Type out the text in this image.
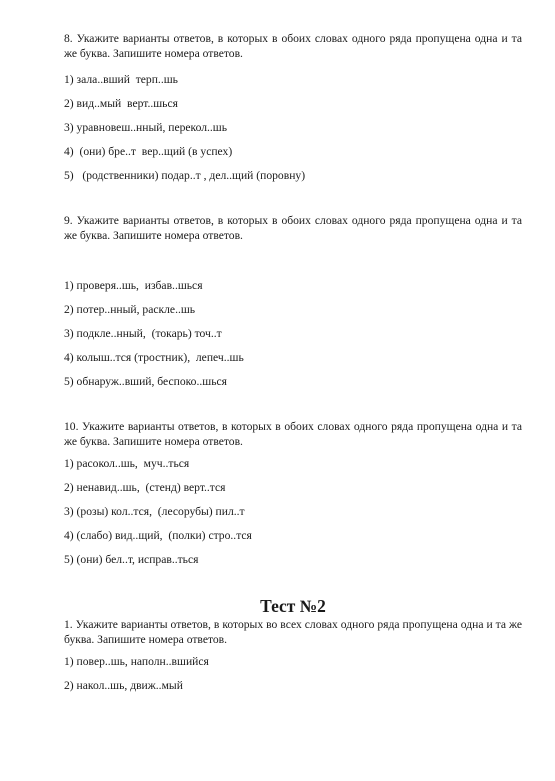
8. Укажите варианты ответов, в которых в обоих словах одного ряда пропущена одна и та же буква. Запишите номера ответов.

1) зала..вший  терп..шь
2) вид..мый  верт..шься
3) уравновеш..нный, перекол..шь
4)  (они) бре..т  вер..щий (в успех)
5)   (родственники) подар..т , дел..щий (поровну)

9. Укажите варианты ответов, в которых в обоих словах одного ряда пропущена одна и та же буква. Запишите номера ответов.

1) проверя..шь,  избав..шься
2) потер..нный, раскле..шь
3) подкле..нный,  (токарь) точ..т
4) колыш..тся (тростник),  лепеч..шь
5) обнаруж..вший, беспоко..шься

10. Укажите варианты ответов, в которых в обоих словах одного ряда пропущена одна и та же буква. Запишите номера ответов.

1) расокол..шь,  муч..ться
2) ненавид..шь,  (стенд) верт..тся
3) (розы) кол..тся,  (лесорубы) пил..т
4) (слабо) вид..щий,  (полки) стро..тся
5) (они) бел..т, исправ..ться
Тест №2

1. Укажите варианты ответов, в которых во всех словах одного ряда пропущена одна и та же буква. Запишите номера ответов.

1) повер..шь, наполн..вшийся
2) накол..шь, движ..мый
